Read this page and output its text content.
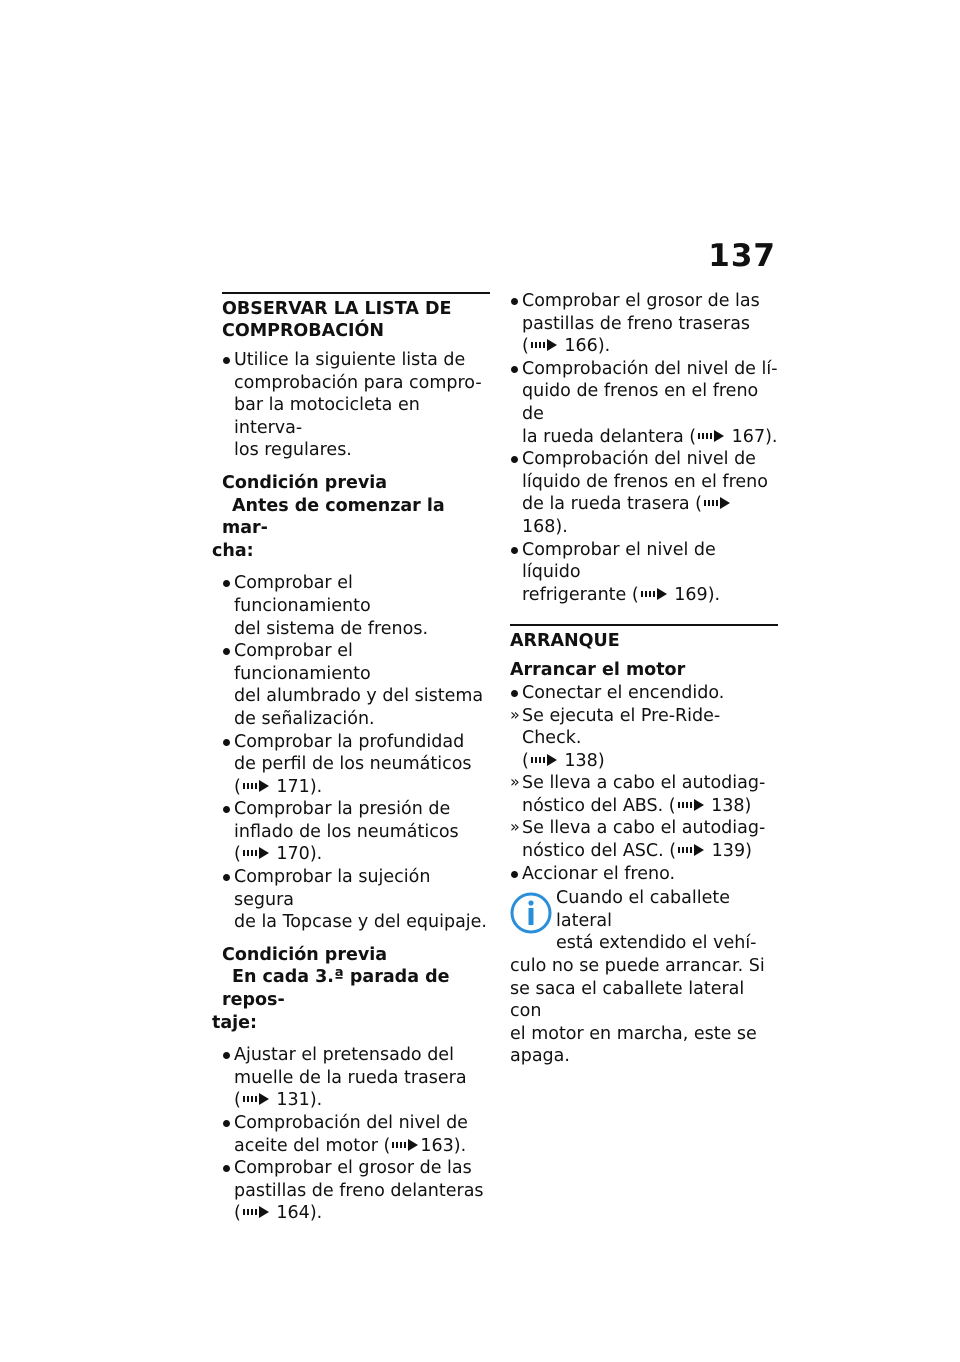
137
OBSERVAR LA LISTA DE
COMPROBACIÓN
Utilice la siguiente lista de
comprobación para compro-
bar la motocicleta en interva-
los regulares.

Condición previa

Antes de comenzar la mar-
cha:

Comprobar el funcionamiento
del sistema de frenos.
Comprobar el funcionamiento
del alumbrado y del sistema
de señalización.
Comprobar la profundidad
de perfil de los neumáticos
( 171).
Comprobar la presión de
inflado de los neumáticos
( 170).
Comprobar la sujeción segura
de la Topcase y del equipaje.

Condición previa

En cada 3.ª parada de repos-
taje:

Ajustar el pretensado del
muelle de la rueda trasera
( 131).
Comprobación del nivel de
aceite del motor ( 163).
Comprobar el grosor de las
pastillas de freno delanteras
( 164).
Comprobar el grosor de las
pastillas de freno traseras
( 166).
Comprobación del nivel de lí-
quido de frenos en el freno de
la rueda delantera ( 167).
Comprobación del nivel de
líquido de frenos en el freno
de la rueda trasera (
168).
Comprobar el nivel de líquido
refrigerante ( 169).
ARRANQUE

Arrancar el motor

Conectar el encendido.
» Se ejecuta el Pre-Ride-Check.
( 138)
» Se lleva a cabo el autodiag-
nóstico del ABS. ( 138)
» Se lleva a cabo el autodiag-
nóstico del ASC. ( 139)
Accionar el freno.
Cuando el caballete lateral
está extendido el vehí-
culo no se puede arrancar. Si
se saca el caballete lateral con
el motor en marcha, este se
apaga.
